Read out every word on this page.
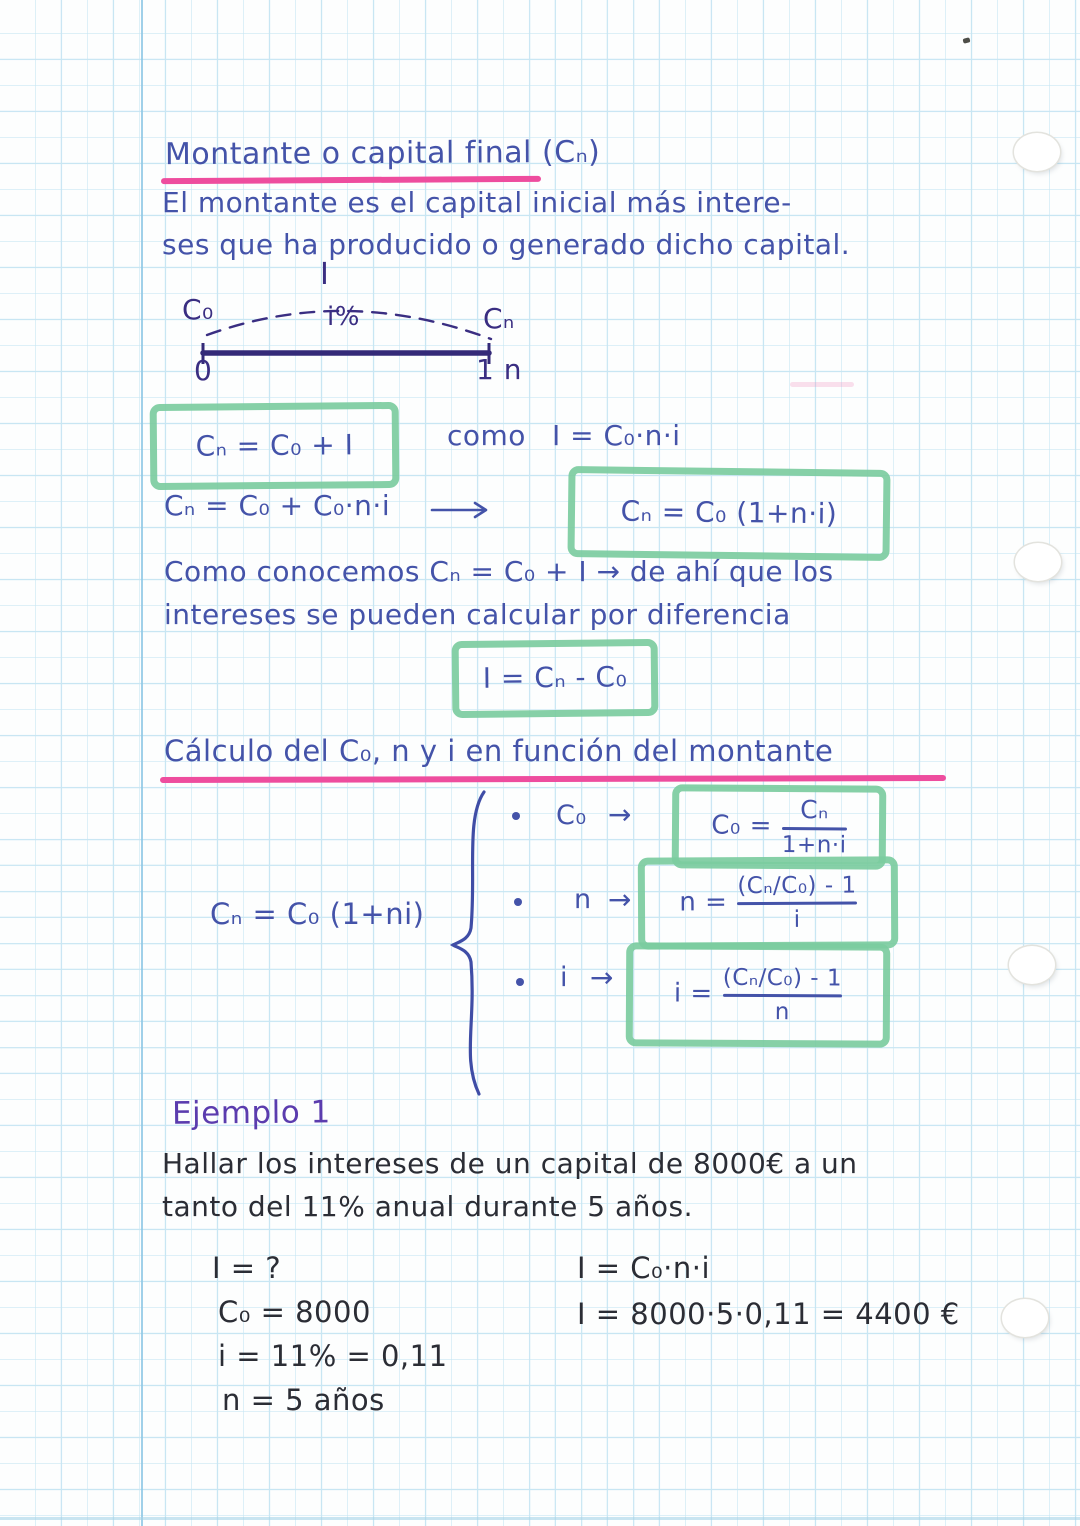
Montante o capital final (Cₙ)
El montante es el capital inicial más intere-
ses que ha producido o generado dicho capital.
I
C₀	i%	Cₙ
0	1 n
Cₙ = C₀ + I	como I = C₀·n·i
Cₙ = C₀ + C₀·n·i	Cₙ = C₀ (1+n·i)
Como conocemos Cₙ = C₀ + I → de ahí que los
intereses se pueden calcular por diferencia
I = Cₙ - C₀
Cálculo del C₀, n y i en función del montante
Cₙ = C₀ (1+ni)
C₀ →	$C_0 = \frac{\text{Cₙ}}{1+n\cdot i}$
$n \to n = \frac{\text{(Cₙ/C₀) - 1}}{i}$
$i \to i = \frac{\text{(Cₙ/C₀) - 1}}{n}$
Ejemplo 1
Hallar los intereses de un capital de 8000€ a un
tanto del 11% anual durante 5 años.
I = ?
C₀ = 8000
i = 11% = 0,11
n = 5 años
I = C₀·n·i
I = 8000·5·0,11 = 4400 €
